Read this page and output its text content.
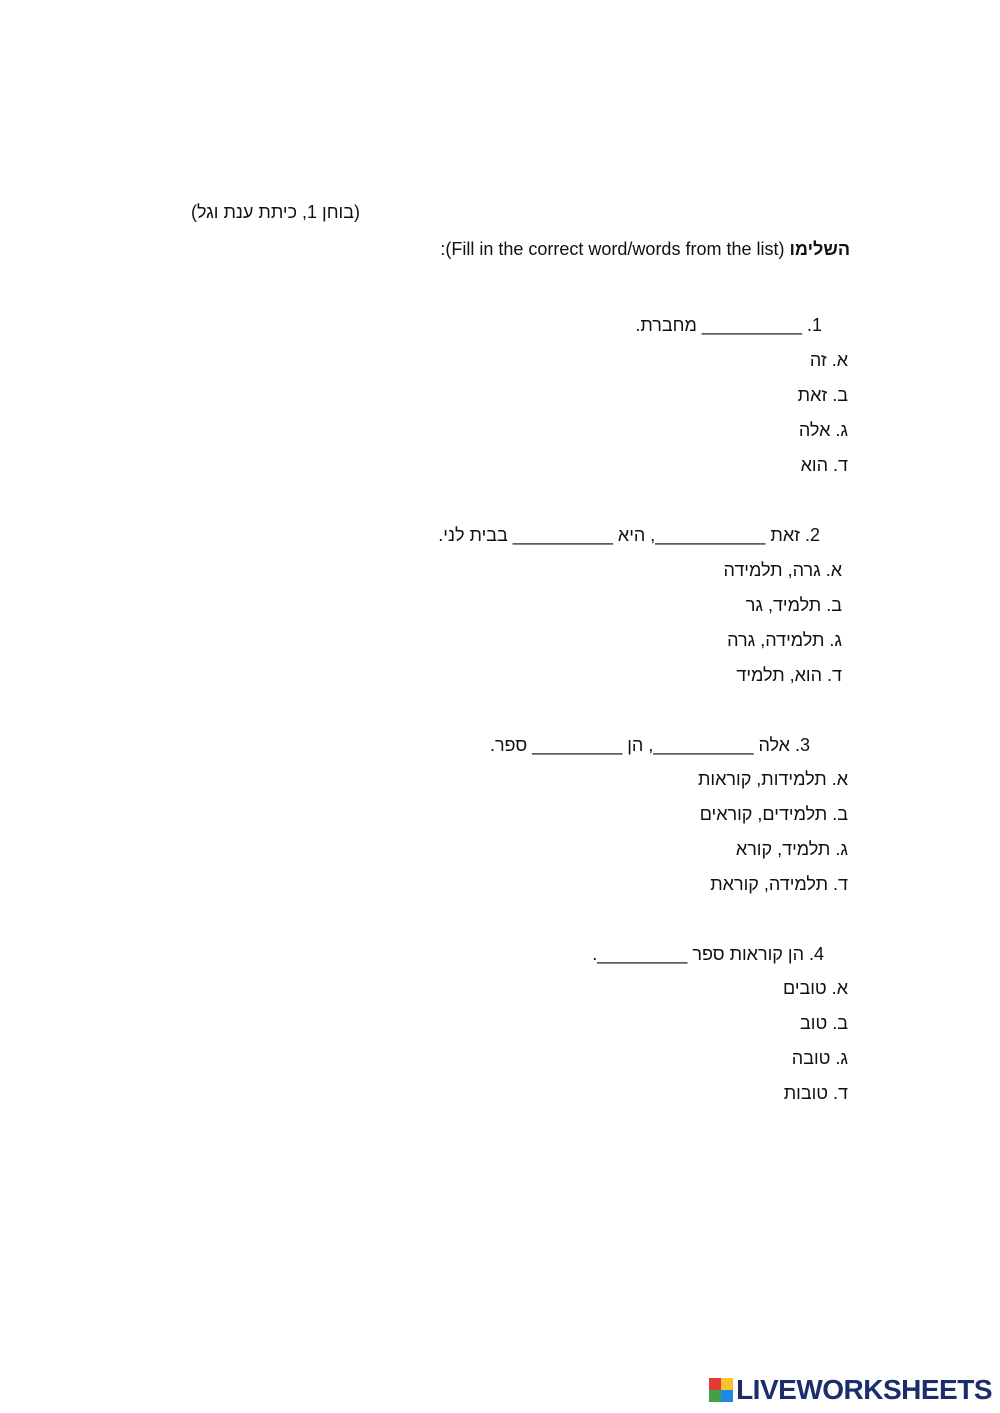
(בוחן 1, כיתת ענת וגל)
השלימו (Fill in the correct word/words from the list):
1. __________ מחברת.
א. זה
ב. זאת
ג. אלה
ד. הוא
2. זאת ___________, היא __________ בבית לני.
א. גרה, תלמידה
ב. תלמיד, גר
ג. תלמידה, גרה
ד. הוא, תלמיד
3. אלה __________, הן _________ ספר.
א. תלמידות, קוראות
ב. תלמידים, קוראים
ג. תלמיד, קורא
ד. תלמידה, קוראת
4. הן קוראות ספר _________.
א. טובים
ב. טוב
ג. טובה
ד. טובות
LIVEWORKSHEETS
